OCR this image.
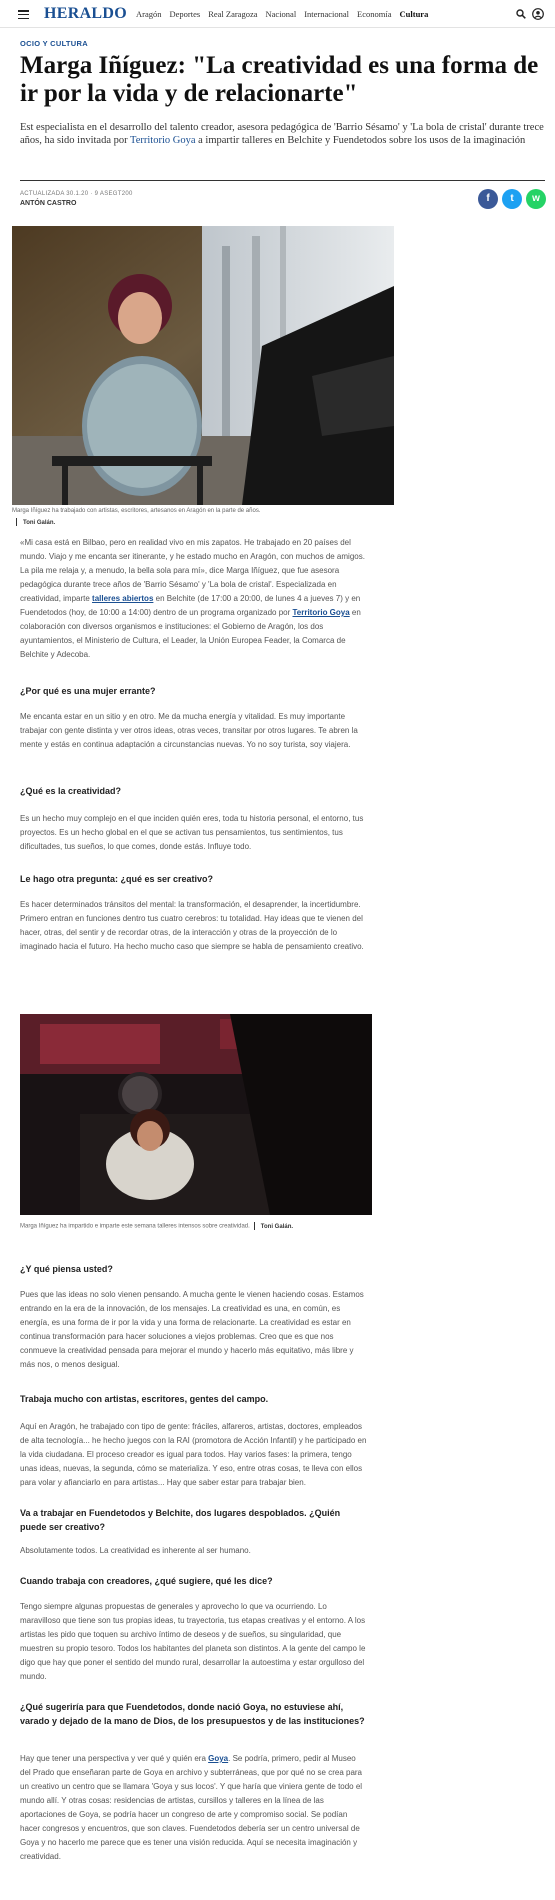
HERALDO Aragón Deportes Real Zaragoza Nacional Internacional Economía Cultura
OCIO Y CULTURA
Marga Iñíguez: "La creatividad es una forma de ir por la vida y de relacionarte"

Est especialista en el desarrollo del talento creador, asesora pedagógica de 'Barrio Sésamo' y 'La bola de cristal' durante trece años, ha sido invitada por Territorio Goya a impartir talleres en Belchite y Fuendetodos sobre los usos de la imaginación

ACTUALIZADA 30.1.20 · 9 ASEGT200
ANTÓN CASTRO	f	t	w
Marga Iñíguez ha trabajado con artistas, escritores, artesanos en Aragón en la parte de años.
Toni Galán.

«Mi casa está en Bilbao, pero en realidad vivo en mis zapatos. He trabajado en 20 países del mundo. Viajo y me encanta ser itinerante, y he estado mucho en Aragón, con muchos de amigos. La pila me relaja y, a menudo, la bella sola para mí», dice Marga Iñíguez, que fue asesora pedagógica durante trece años de 'Barrio Sésamo' y 'La bola de cristal'. Especializada en creatividad, imparte talleres abiertos en Belchite (de 17:00 a 20:00, de lunes 4 a jueves 7) y en Fuendetodos (hoy, de 10:00 a 14:00) dentro de un programa organizado por Territorio Goya en colaboración con diversos organismos e instituciones: el Gobierno de Aragón, los dos ayuntamientos, el Ministerio de Cultura, el Leader, la Unión Europea Feader, la Comarca de Belchite y Adecoba.

¿Por qué es una mujer errante?

Me encanta estar en un sitio y en otro. Me da mucha energía y vitalidad. Es muy importante trabajar con gente distinta y ver otros ideas, otras veces, transitar por otros lugares. Te abren la mente y estás en continua adaptación a circunstancias nuevas. Yo no soy turista, soy viajera.

¿Qué es la creatividad?

Es un hecho muy complejo en el que inciden quién eres, toda tu historia personal, el entorno, tus proyectos. Es un hecho global en el que se activan tus pensamientos, tus sentimientos, tus dificultades, tus sueños, lo que comes, donde estás. Influye todo.

Le hago otra pregunta: ¿qué es ser creativo?

Es hacer determinados tránsitos del mental: la transformación, el desaprender, la incertidumbre. Primero entran en funciones dentro tus cuatro cerebros: tu totalidad. Hay ideas que te vienen del hacer, otras, del sentir y de recordar otras, de la interacción y otras de la proyección de lo imaginado hacia el futuro. Ha hecho mucho caso que siempre se habla de pensamiento creativo.

Marga Iñíguez ha impartido e imparte este semana talleres intensos sobre creatividad. Toni Galán.

¿Y qué piensa usted?

Pues que las ideas no solo vienen pensando. A mucha gente le vienen haciendo cosas. Estamos entrando en la era de la innovación, de los mensajes. La creatividad es una, en común, es energía, es una forma de ir por la vida y una forma de relacionarte. La creatividad es estar en continua transformación para hacer soluciones a viejos problemas. Creo que es que nos conmueve la creatividad pensada para mejorar el mundo y hacerlo más equitativo, más libre y más nos, o menos desigual.

Trabaja mucho con artistas, escritores, gentes del campo.

Aquí en Aragón, he trabajado con tipo de gente: fráciles, alfareros, artistas, doctores, empleados de alta tecnología... he hecho juegos con la RAI (promotora de Acción Infantil) y he participado en la vida ciudadana. El proceso creador es igual para todos. Hay varios fases: la primera, tengo unas ideas, nuevas, la segunda, cómo se materializa. Y eso, entre otras cosas, te lleva con ellos para volar y afianciarlo en para artistas... Hay que saber estar para trabajar bien.

Va a trabajar en Fuendetodos y Belchite, dos lugares despoblados. ¿Quién puede ser creativo?

Absolutamente todos. La creatividad es inherente al ser humano.

Cuando trabaja con creadores, ¿qué sugiere, qué les dice?

Tengo siempre algunas propuestas de generales y aprovecho lo que va ocurriendo. Lo maravilloso que tiene son tus propias ideas, tu trayectoria, tus etapas creativas y el entorno. A los artistas les pido que toquen su archivo íntimo de deseos y de sueños, su singularidad, que muestren su propio tesoro. Todos los habitantes del planeta son distintos. A la gente del campo le digo que hay que poner el sentido del mundo rural, desarrollar la autoestima y estar orgulloso del mundo.

¿Qué sugeriría para que Fuendetodos, donde nació Goya, no estuviese ahí, varado y dejado de la mano de Dios, de los presupuestos y de las instituciones?

Hay que tener una perspectiva y ver qué y quién era Goya. Se podría, primero, pedir al Museo del Prado que enseñaran parte de Goya en archivo y subterráneas, que por qué no se crea para un creativo un centro que se llamara 'Goya y sus locos'. Y que haría que viniera gente de todo el mundo allí. Y otras cosas: residencias de artistas, cursillos y talleres en la línea de las aportaciones de Goya, se podría hacer un congreso de arte y compromiso social. Se podían hacer congresos y encuentros, que son claves. Fuendetodos debería ser un centro universal de Goya y no hacerlo me parece que es tener una visión reducida. Aquí se necesita imaginación y creatividad.
